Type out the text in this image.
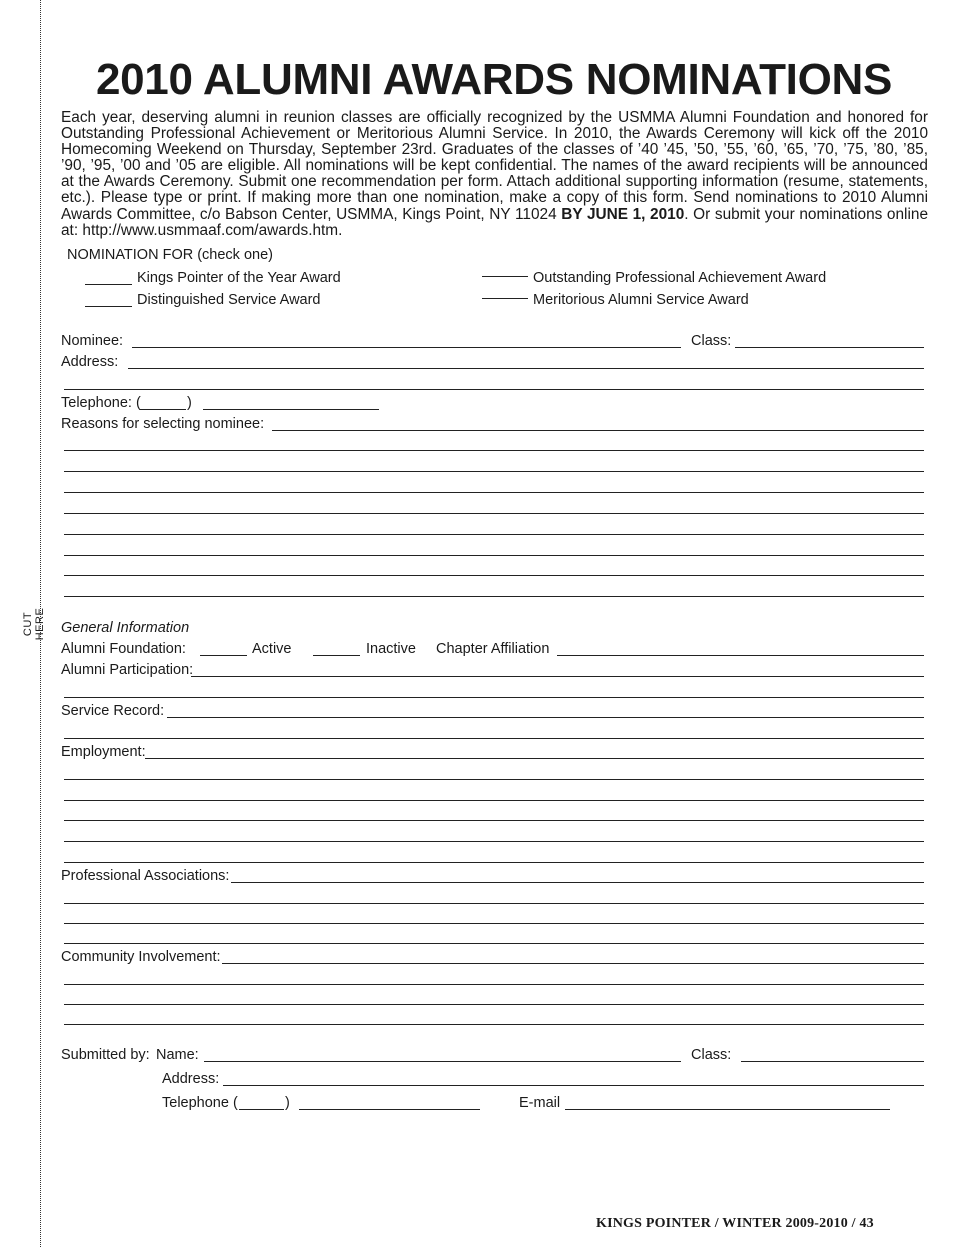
CUT HERE
2010 ALUMNI AWARDS NOMINATIONS

Each year, deserving alumni in reunion classes are officially recognized by the USMMA Alumni Foundation and honored for Outstanding Professional Achievement or Meritorious Alumni Service. In 2010, the Awards Ceremony will kick off the 2010 Homecoming Weekend on Thursday, September 23rd. Graduates of the classes of ’40 ’45, ’50, ’55, ’60, ’65, ’70, ’75, ’80, ’85, ’90, ’95, ’00 and ’05 are eligible. All nominations will be kept confidential. The names of the award recipients will be announced at the Awards Ceremony. Submit one recommendation per form. Attach additional supporting information (resume, statements, etc.). Please type or print. If making more than one nomination, make a copy of this form. Send nominations to 2010 Alumni Awards Committee, c/o Babson Center, USMMA, Kings Point, NY 11024 BY JUNE 1, 2010. Or submit your nominations online at: http://www.usmmaaf.com/awards.htm.

NOMINATION FOR (check one)
Kings Pointer of the Year Award
Distinguished Service Award
Outstanding Professional Achievement Award
Meritorious Alumni Service Award
Nominee:	Class:
Address:
Telephone: (	)
Reasons for selecting nominee:
General Information
Alumni Foundation:	Active	Inactive Chapter Affiliation
Alumni Participation:
Service Record:
Employment:
Professional Associations:
Community Involvement:
Submitted by: Name:	Class:
Address:
Telephone (	)	E-mail
KINGS POINTER / WINTER 2009-2010 / 43
